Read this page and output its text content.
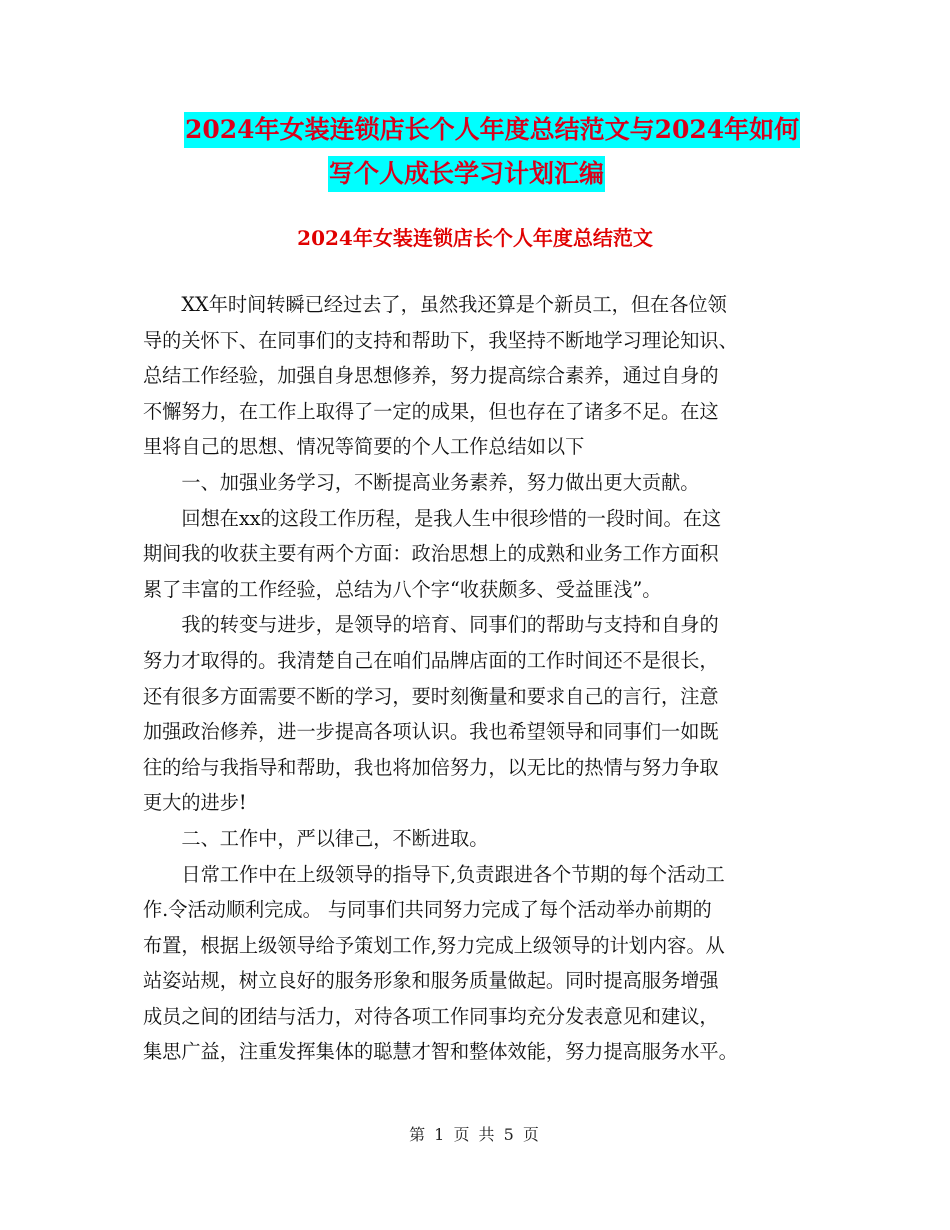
2024年女装连锁店长个人年度总结范文与2024年如何
写个人成长学习计划汇编
2024年女装连锁店长个人年度总结范文
XX年时间转瞬已经过去了，虽然我还算是个新员工，但在各位领
导的关怀下、在同事们的支持和帮助下，我坚持不断地学习理论知识、
总结工作经验，加强自身思想修养，努力提高综合素养，通过自身的
不懈努力，在工作上取得了一定的成果，但也存在了诸多不足。在这
里将自己的思想、情况等简要的个人工作总结如以下
一、加强业务学习，不断提高业务素养，努力做出更大贡献。
回想在xx的这段工作历程，是我人生中很珍惜的一段时间。在这
期间我的收获主要有两个方面：政治思想上的成熟和业务工作方面积
累了丰富的工作经验，总结为八个字“收获颇多、受益匪浅”。
我的转变与进步，是领导的培育、同事们的帮助与支持和自身的
努力才取得的。我清楚自己在咱们品牌店面的工作时间还不是很长，
还有很多方面需要不断的学习，要时刻衡量和要求自己的言行，注意
加强政治修养，进一步提高各项认识。我也希望领导和同事们一如既
往的给与我指导和帮助，我也将加倍努力，以无比的热情与努力争取
更大的进步!
二、工作中，严以律己，不断进取。
日常工作中在上级领导的指导下,负责跟进各个节期的每个活动工
作.令活动顺利完成。 与同事们共同努力完成了每个活动举办前期的
布置，根据上级领导给予策划工作,努力完成上级领导的计划内容。从
站姿站规，树立良好的服务形象和服务质量做起。同时提高服务增强
成员之间的团结与活力，对待各项工作同事均充分发表意见和建议，
集思广益，注重发挥集体的聪慧才智和整体效能，努力提高服务水平。
第 1 页 共 5 页
